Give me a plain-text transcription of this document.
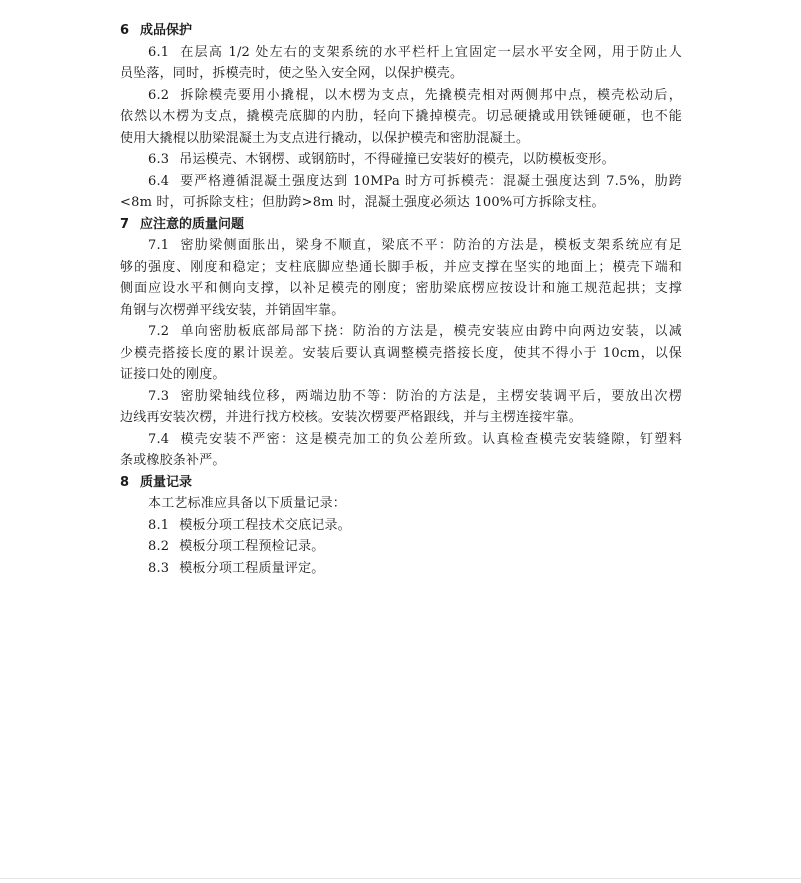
6 成品保护
6.1 在层高 1/2 处左右的支架系统的水平栏杆上宜固定一层水平安全网，用于防止人
员坠落，同时，拆模壳时，使之坠入安全网，以保护模壳。
6.2 拆除模壳要用小撬棍，以木楞为支点，先撬模壳相对两侧邦中点，模壳松动后，
依然以木楞为支点，撬模壳底脚的内肋，轻向下撬掉模壳。切忌硬撬或用铁锤硬砸，也不能
使用大撬棍以肋梁混凝土为支点进行撬动，以保护模壳和密肋混凝土。
6.3 吊运模壳、木钢楞、或钢筋时，不得碰撞已安装好的模壳，以防模板变形。
6.4 要严格遵循混凝土强度达到 10MPa 时方可拆模壳：混凝土强度达到 7.5%，肋跨
<8m 时，可拆除支柱；但肋跨>8m 时，混凝土强度必须达 100%可方拆除支柱。
7 应注意的质量问题
7.1 密肋梁侧面胀出，梁身不顺直，梁底不平：防治的方法是，模板支架系统应有足
够的强度、刚度和稳定；支柱底脚应垫通长脚手板，并应支撑在坚实的地面上；模壳下端和
侧面应设水平和侧向支撑，以补足模壳的刚度；密肋梁底楞应按设计和施工规范起拱；支撑
角钢与次楞弹平线安装，并销固牢靠。
7.2 单向密肋板底部局部下挠：防治的方法是，模壳安装应由跨中向两边安装，以减
少模壳搭接长度的累计误差。安装后要认真调整模壳搭接长度，使其不得小于 10cm，以保
证接口处的刚度。
7.3 密肋梁轴线位移，两端边肋不等：防治的方法是，主楞安装调平后，要放出次楞
边线再安装次楞，并进行找方校核。安装次楞要严格跟线，并与主楞连接牢靠。
7.4 模壳安装不严密：这是模壳加工的负公差所致。认真检查模壳安装缝隙，钉塑料
条或橡胶条补严。
8 质量记录
本工艺标准应具备以下质量记录：
8.1 模板分项工程技术交底记录。
8.2 模板分项工程预检记录。
8.3 模板分项工程质量评定。
